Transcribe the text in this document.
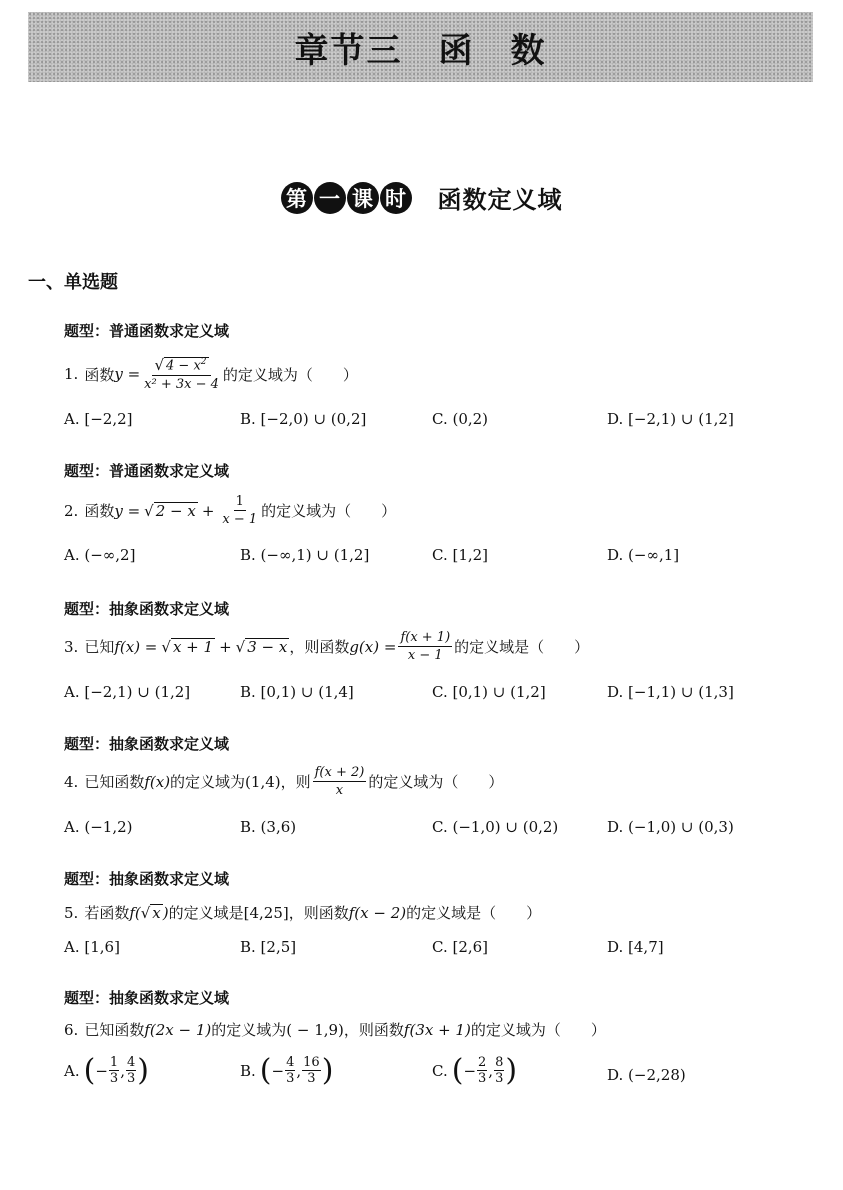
章节三　函　数
第 一 课 时 函数定义域
一、单选题
题型：普通函数求定义域
1. 函数 $y = \frac{√ 4 - x^2}{\text{x² + 3x − 4}}$ 的定义域为（　　）
A. [−2,2]	B. [−2,0) ∪ (0,2]	C. (0,2)	D. [−2,1) ∪ (1,2]
题型：普通函数求定义域
2. 函数 y = √ $2 - x + \frac{1}{x - 1}$ 的定义域为（　　）
A. (−∞,2]	B. (−∞,1) ∪ (1,2]	C. [1,2]	D. (−∞,1]
题型：抽象函数求定义域
3. 已知 f(x) = √ x + 1 + √ 3 − x ，则函数 $g(x) = \frac{f(x + 1)}{x - 1}$ 的定义域是（　　）
A. [−2,1) ∪ (1,2]	B. [0,1) ∪ (1,4]	C. [0,1) ∪ (1,2]	D. [−1,1) ∪ (1,3]
题型：抽象函数求定义域
4. 已知函数 f(x) 的定义域为(1,4)，则 $\frac{f(x + 2)}{x}$ 的定义域为（　　）
A. (−1,2)	B. (3,6)	C. (−1,0) ∪ (0,2)	D. (−1,0) ∪ (0,3)
题型：抽象函数求定义域
5. 若函数 f( √ x ) 的定义域是[4,25]，则函数 f(x − 2) 的定义域是（　　）
A. [1,6]	B. [2,5]	C. [2,6]	D. [4,7]
题型：抽象函数求定义域
6. 已知函数 f(2x − 1) 的定义域为( − 1,9)，则函数 f(3x + 1) 的定义域为（　　）
A. ( − $\frac{1}{3}$ , $\frac{4}{3}$ )	B. ( − $\frac{4}{3}$ , $\frac{16}{3}$ )	C. ( − $\frac{2}{3}$ , $\frac{8}{3}$ )	D.
(−2,28)
